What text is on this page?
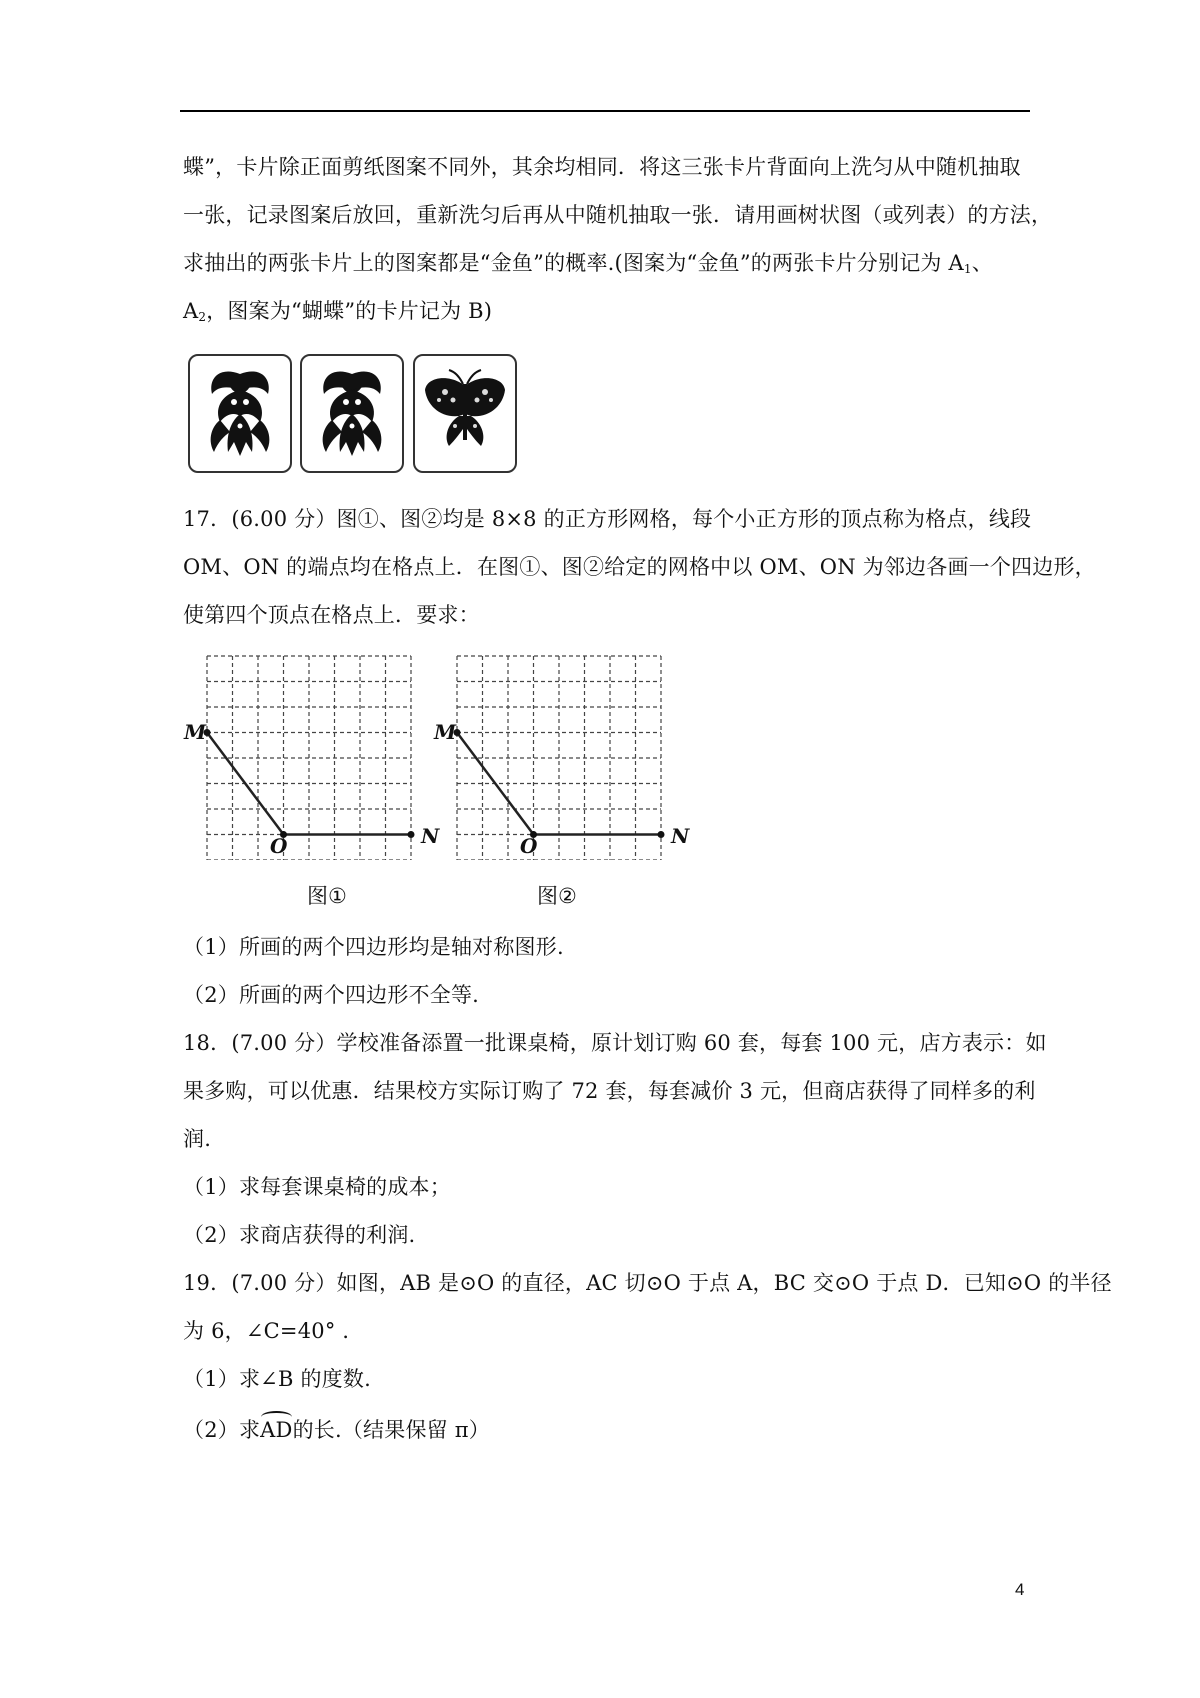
蝶”，卡片除正面剪纸图案不同外，其余均相同．将这三张卡片背面向上洗匀从中随机抽取
一张，记录图案后放回，重新洗匀后再从中随机抽取一张．请用画树状图（或列表）的方法，
求抽出的两张卡片上的图案都是“金鱼”的概率.(图案为“金鱼”的两张卡片分别记为 $A_1$、
$A_2$，图案为“蝴蝶”的卡片记为 B)
17．(6.00 分）图①、图②均是 8×8 的正方形网格，每个小正方形的顶点称为格点，线段
OM、ON 的端点均在格点上．在图①、图②给定的网格中以 OM、ON 为邻边各画一个四边形，
使第四个顶点在格点上．要求：
M
O	N
图①
M
O	N
图②
（1）所画的两个四边形均是轴对称图形.
（2）所画的两个四边形不全等.
18．(7.00 分）学校准备添置一批课桌椅，原计划订购 60 套，每套 100 元，店方表示：如
果多购，可以优惠．结果校方实际订购了 72 套，每套减价 3 元，但商店获得了同样多的利
润.
（1）求每套课桌椅的成本；
（2）求商店获得的利润.
19．(7.00 分）如图，AB 是⊙O 的直径，AC 切⊙O 于点 A，BC 交⊙O 于点 D．已知⊙O 的半径
为 6，∠C=40° ．
（1）求∠B 的度数.
（2）求AD的长.（结果保留 π）
4
